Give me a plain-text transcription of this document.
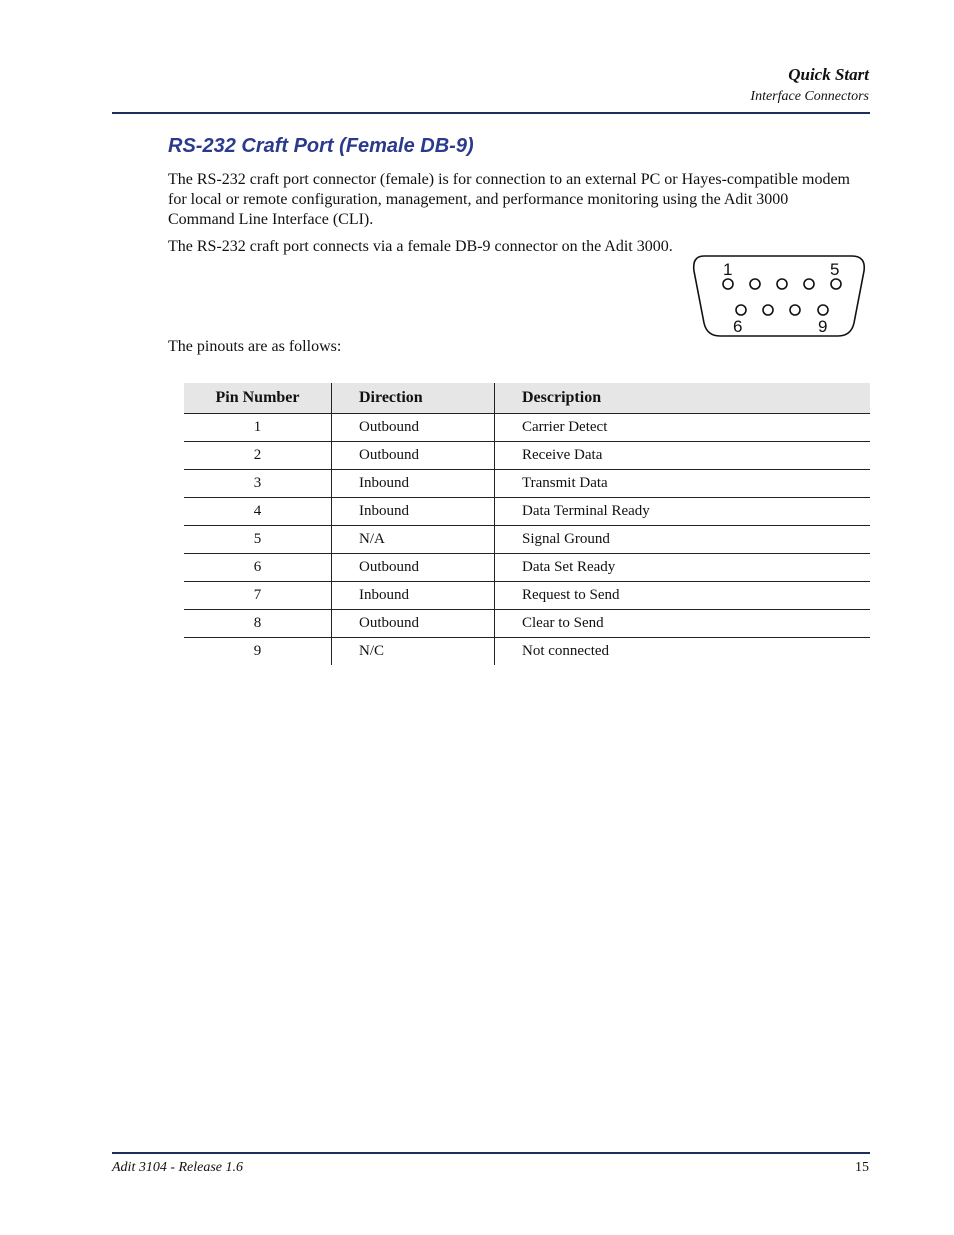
Quick Start
Interface Connectors
RS-232 Craft Port (Female DB-9)

The RS-232 craft port connector (female) is for connection to an external PC or Hayes-compatible modem for local or remote configuration, management, and performance monitoring using the Adit 3000 Command Line Interface (CLI).

The RS-232 craft port connects via a female DB-9 connector on the Adit 3000.

1	5
6	9

The pinouts are as follows:

Pin Number	Direction	Description
1	Outbound	Carrier Detect
2	Outbound	Receive Data
3	Inbound	Transmit Data
4	Inbound	Data Terminal Ready
5	N/A	Signal Ground
6	Outbound	Data Set Ready
7	Inbound	Request to Send
8	Outbound	Clear to Send
9	N/C	Not connected
Adit 3104 - Release 1.6	15
